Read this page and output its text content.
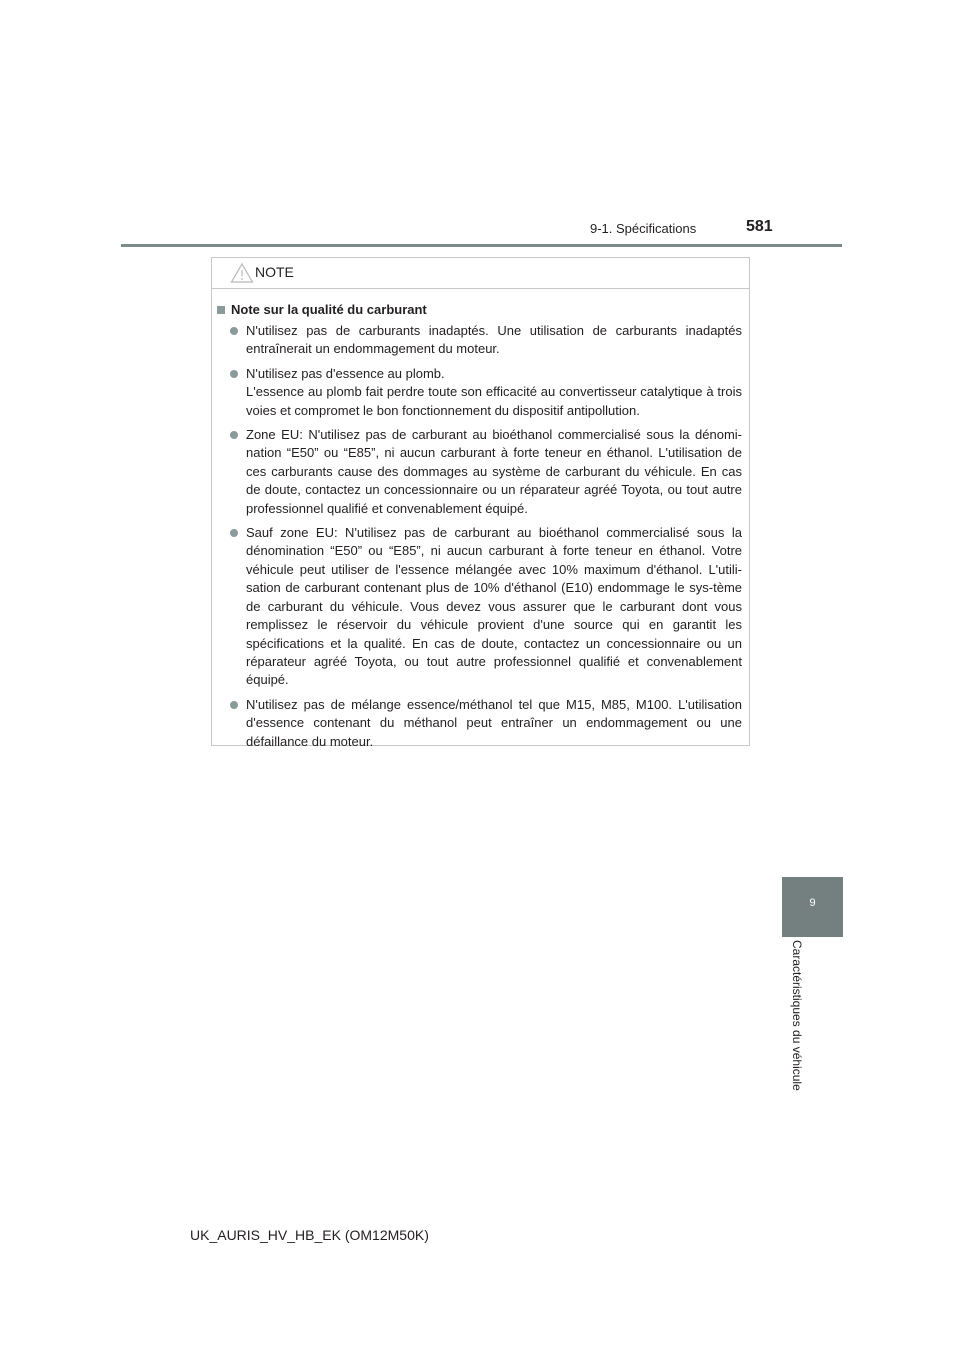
9-1. Spécifications	581
9
Caractéristiques du véhicule
NOTE
Note sur la qualité du carburant
N'utilisez pas de carburants inadaptés. Une utilisation de carburants inadaptés entraînerait un endommagement du moteur.
N'utilisez pas d'essence au plomb.
L'essence au plomb fait perdre toute son efficacité au convertisseur catalytique à trois voies et compromet le bon fonctionnement du dispositif antipollution.
Zone EU: N'utilisez pas de carburant au bioéthanol commercialisé sous la dénomi-nation “E50” ou “E85”, ni aucun carburant à forte teneur en éthanol. L'utilisation de ces carburants cause des dommages au système de carburant du véhicule. En cas de doute, contactez un concessionnaire ou un réparateur agréé Toyota, ou tout autre professionnel qualifié et convenablement équipé.
Sauf zone EU: N'utilisez pas de carburant au bioéthanol commercialisé sous la dénomination “E50” ou “E85”, ni aucun carburant à forte teneur en éthanol. Votre véhicule peut utiliser de l'essence mélangée avec 10% maximum d'éthanol. L'utili-sation de carburant contenant plus de 10% d'éthanol (E10) endommage le sys-tème de carburant du véhicule. Vous devez vous assurer que le carburant dont vous remplissez le réservoir du véhicule provient d'une source qui en garantit les spécifications et la qualité. En cas de doute, contactez un concessionnaire ou un réparateur agréé Toyota, ou tout autre professionnel qualifié et convenablement équipé.
N'utilisez pas de mélange essence/méthanol tel que M15, M85, M100. L'utilisation d'essence contenant du méthanol peut entraîner un endommagement ou une défaillance du moteur.
UK_AURIS_HV_HB_EK (OM12M50K)
